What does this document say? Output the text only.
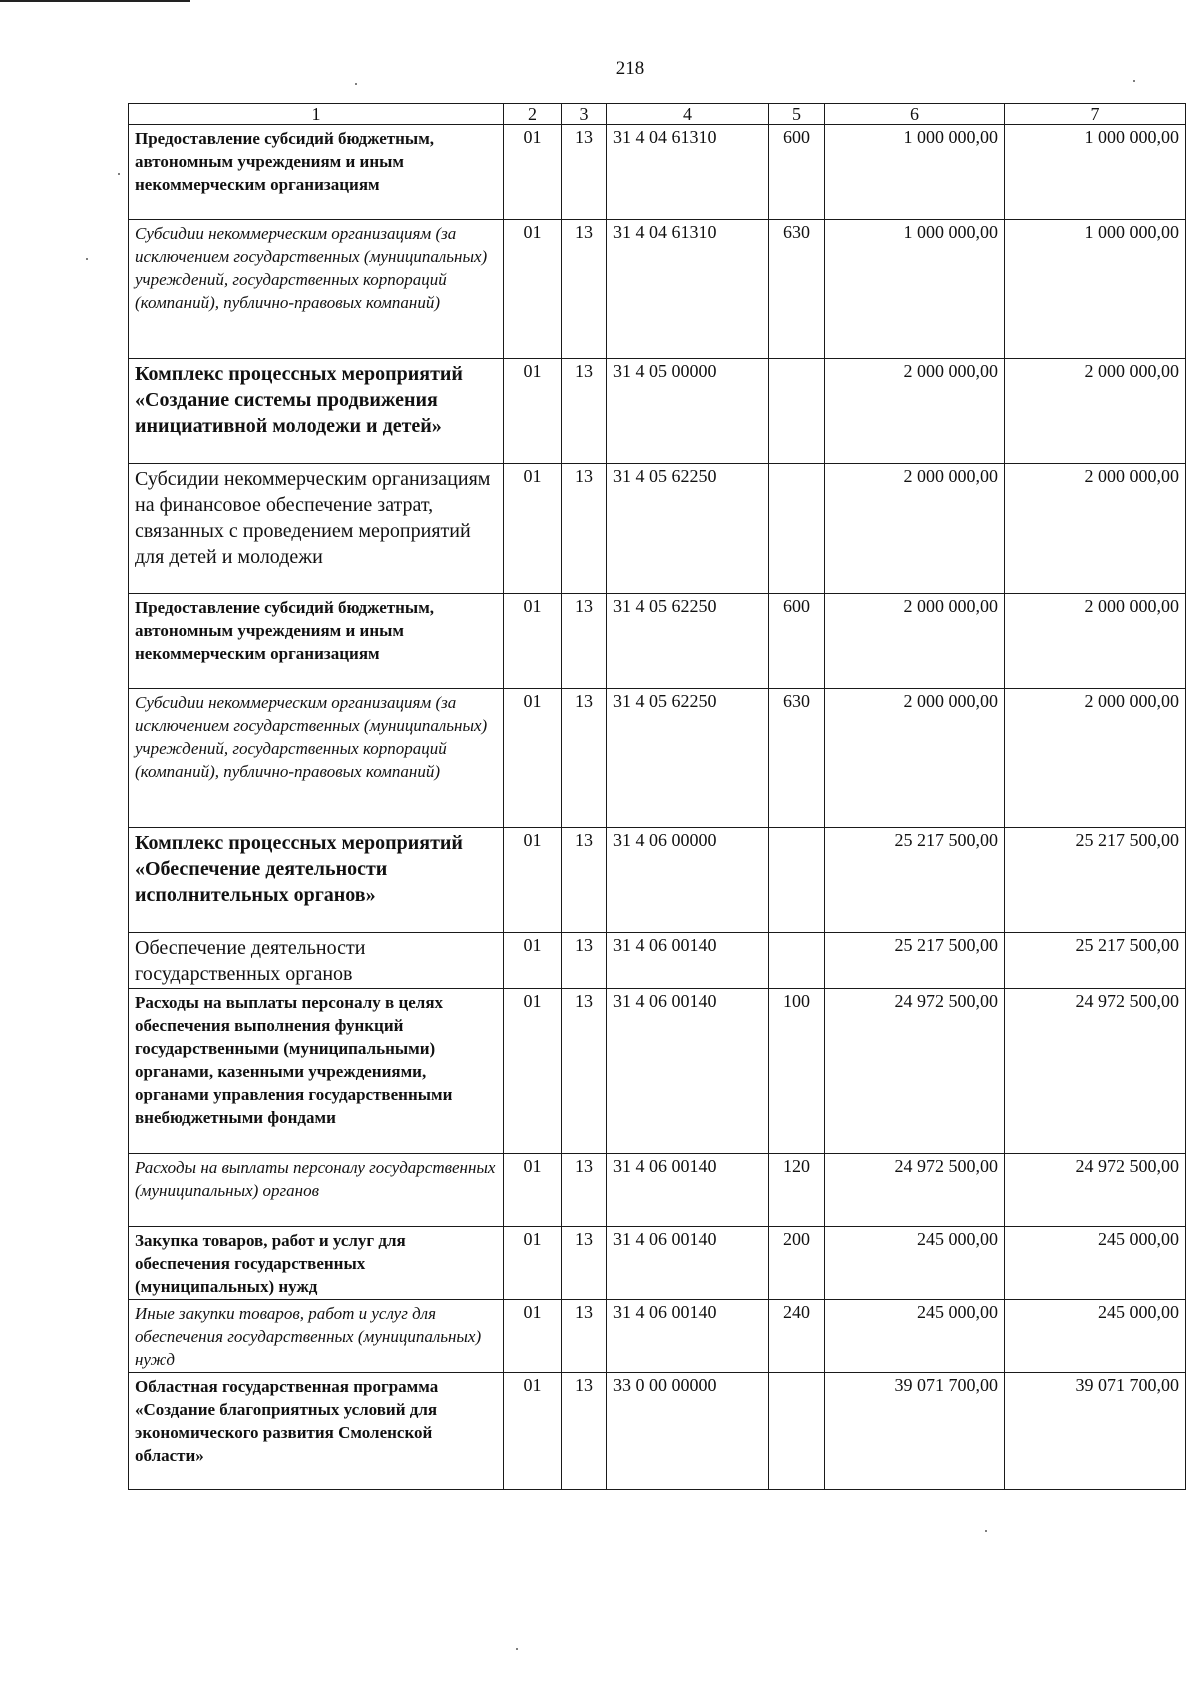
218
1	2	3	4	5	6	7

Предоставление субсидий бюджетным, автономным учреждениям и иным некоммерческим организациям	01	13	31 4 04 61310	600	1 000 000,00	1 000 000,00

Субсидии некоммерческим организациям (за исключением государственных (муниципальных) учреждений, государственных корпораций (компаний), публично-правовых компаний)	01	13	31 4 04 61310	630	1 000 000,00	1 000 000,00

Комплекс процессных мероприятий «Создание системы продвижения инициативной молодежи и детей»	01	13	31 4 05 00000		2 000 000,00	2 000 000,00

Субсидии некоммерческим организациям на финансовое обеспечение затрат, связанных с проведением мероприятий для детей и молодежи	01	13	31 4 05 62250		2 000 000,00	2 000 000,00

Предоставление субсидий бюджетным, автономным учреждениям и иным некоммерческим организациям	01	13	31 4 05 62250	600	2 000 000,00	2 000 000,00

Субсидии некоммерческим организациям (за исключением государственных (муниципальных) учреждений, государственных корпораций (компаний), публично-правовых компаний)	01	13	31 4 05 62250	630	2 000 000,00	2 000 000,00

Комплекс процессных мероприятий «Обеспечение деятельности исполнительных органов»	01	13	31 4 06 00000		25 217 500,00	25 217 500,00

Обеспечение деятельности государственных органов	01	13	31 4 06 00140		25 217 500,00	25 217 500,00

Расходы на выплаты персоналу в целях обеспечения выполнения функций государственными (муниципальными) органами, казенными учреждениями, органами управления государственными внебюджетными фондами	01	13	31 4 06 00140	100	24 972 500,00	24 972 500,00

Расходы на выплаты персоналу государственных (муниципальных) органов	01	13	31 4 06 00140	120	24 972 500,00	24 972 500,00

Закупка товаров, работ и услуг для обеспечения государственных (муниципальных) нужд	01	13	31 4 06 00140	200	245 000,00	245 000,00

Иные закупки товаров, работ и услуг для обеспечения государственных (муниципальных) нужд	01	13	31 4 06 00140	240	245 000,00	245 000,00

Областная государственная программа «Создание благоприятных условий для экономического развития Смоленской области»	01	13	33 0 00 00000		39 071 700,00	39 071 700,00
